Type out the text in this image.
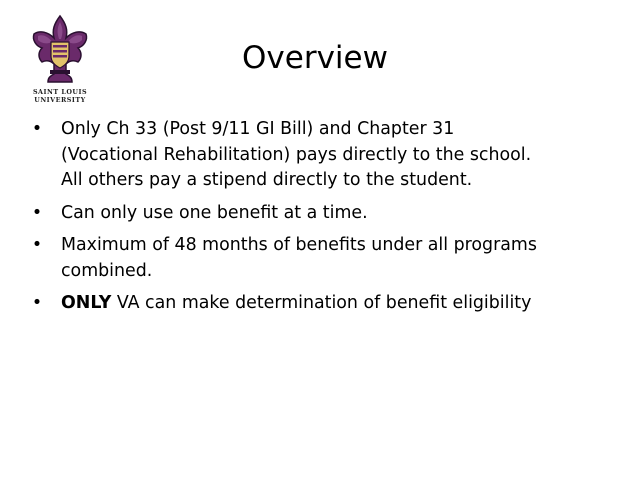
SAINT LOUIS
UNIVERSITY
Overview
• Only Ch 33 (Post 9/11 GI Bill) and Chapter 31
(Vocational Rehabilitation) pays directly to the school.
All others pay a stipend directly to the student.
• Can only use one benefit at a time.
• Maximum of 48 months of benefits under all programs
combined.
• ONLY VA can make determination of benefit eligibility
